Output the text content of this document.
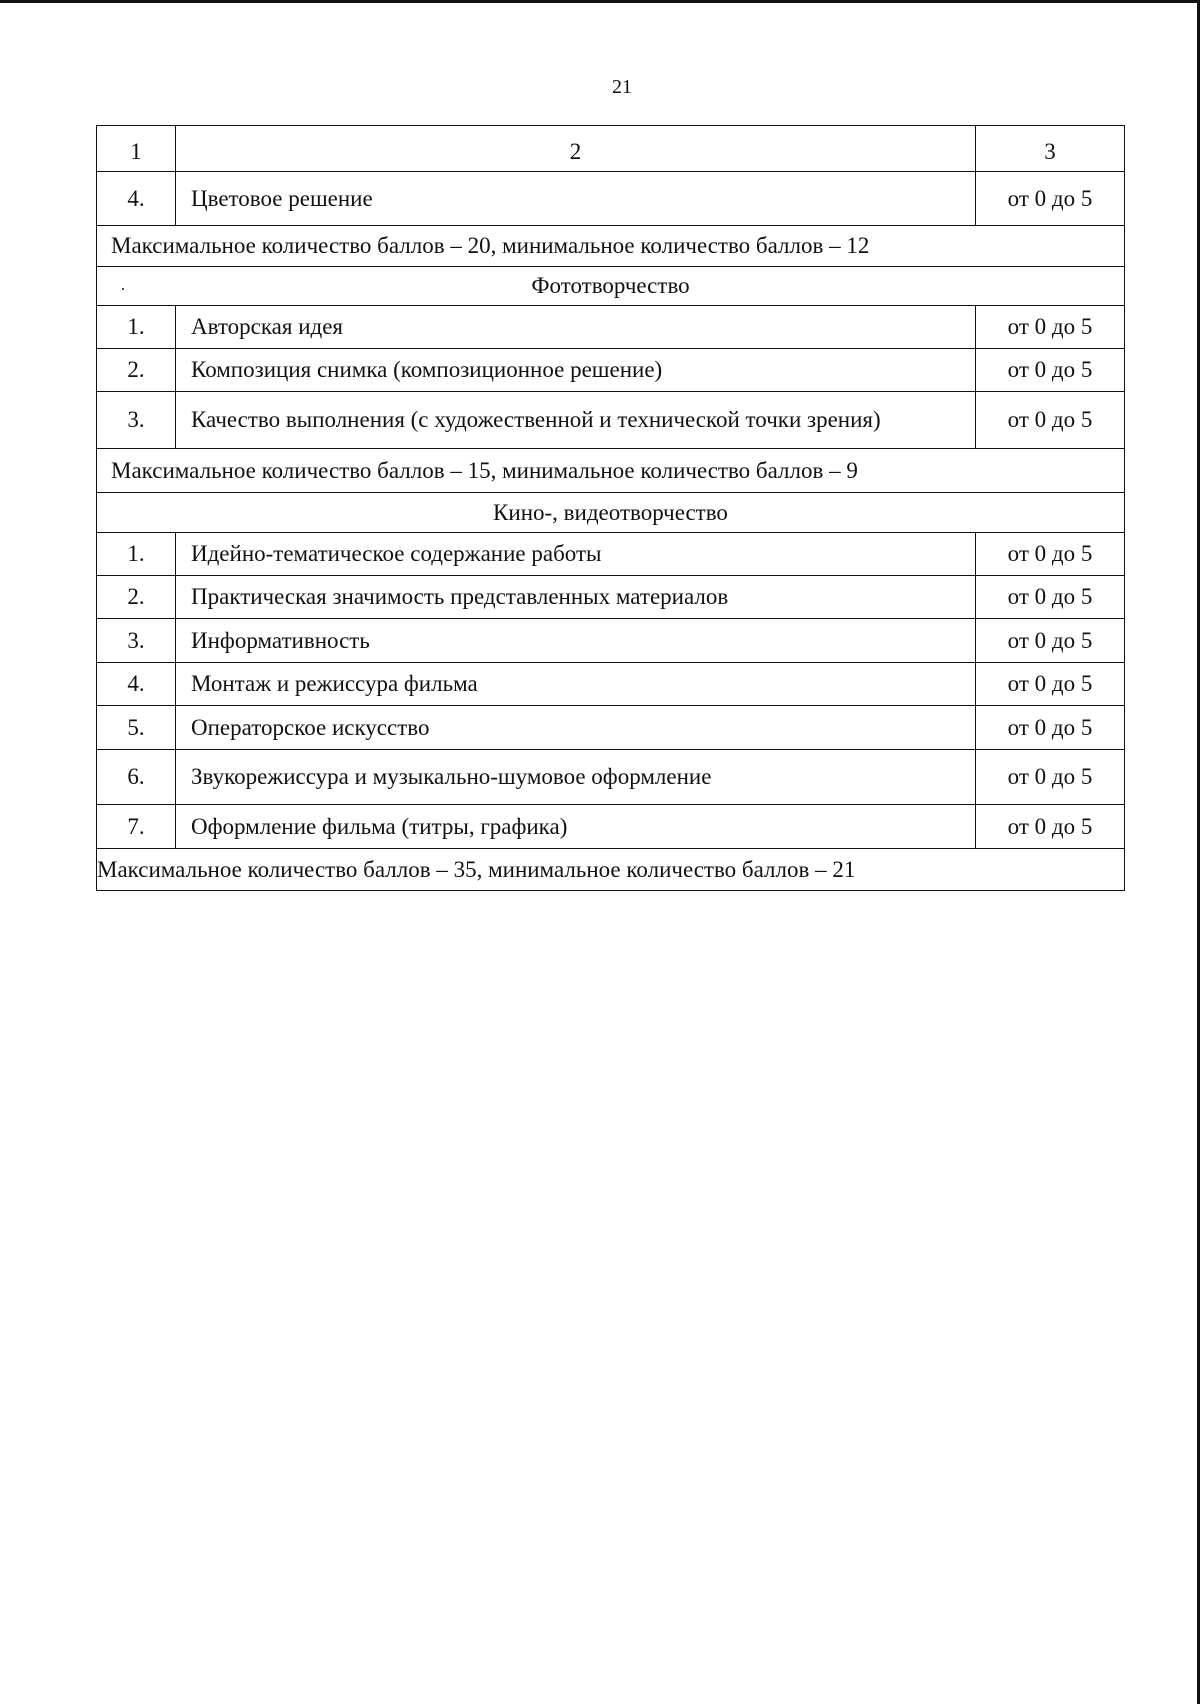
21
1	2	3
4.	Цветовое решение	от 0 до 5
Максимальное количество баллов – 20, минимальное количество баллов – 12		
Фототворчество		
1.	Авторская идея	от 0 до 5
2.	Композиция снимка (композиционное решение)	от 0 до 5
3.	Качество выполнения (с художественной и технической точки зрения)	от 0 до 5
Максимальное количество баллов – 15, минимальное количество баллов – 9		
Кино-, видеотворчество		
1.	Идейно-тематическое содержание работы	от 0 до 5
2.	Практическая значимость представленных материалов	от 0 до 5
3.	Информативность	от 0 до 5
4.	Монтаж и режиссура фильма	от 0 до 5
5.	Операторское искусство	от 0 до 5
6.	Звукорежиссура и музыкально-шумовое оформление	от 0 до 5
7.	Оформление фильма (титры, графика)	от 0 до 5
Максимальное количество баллов – 35, минимальное количество баллов – 21		
